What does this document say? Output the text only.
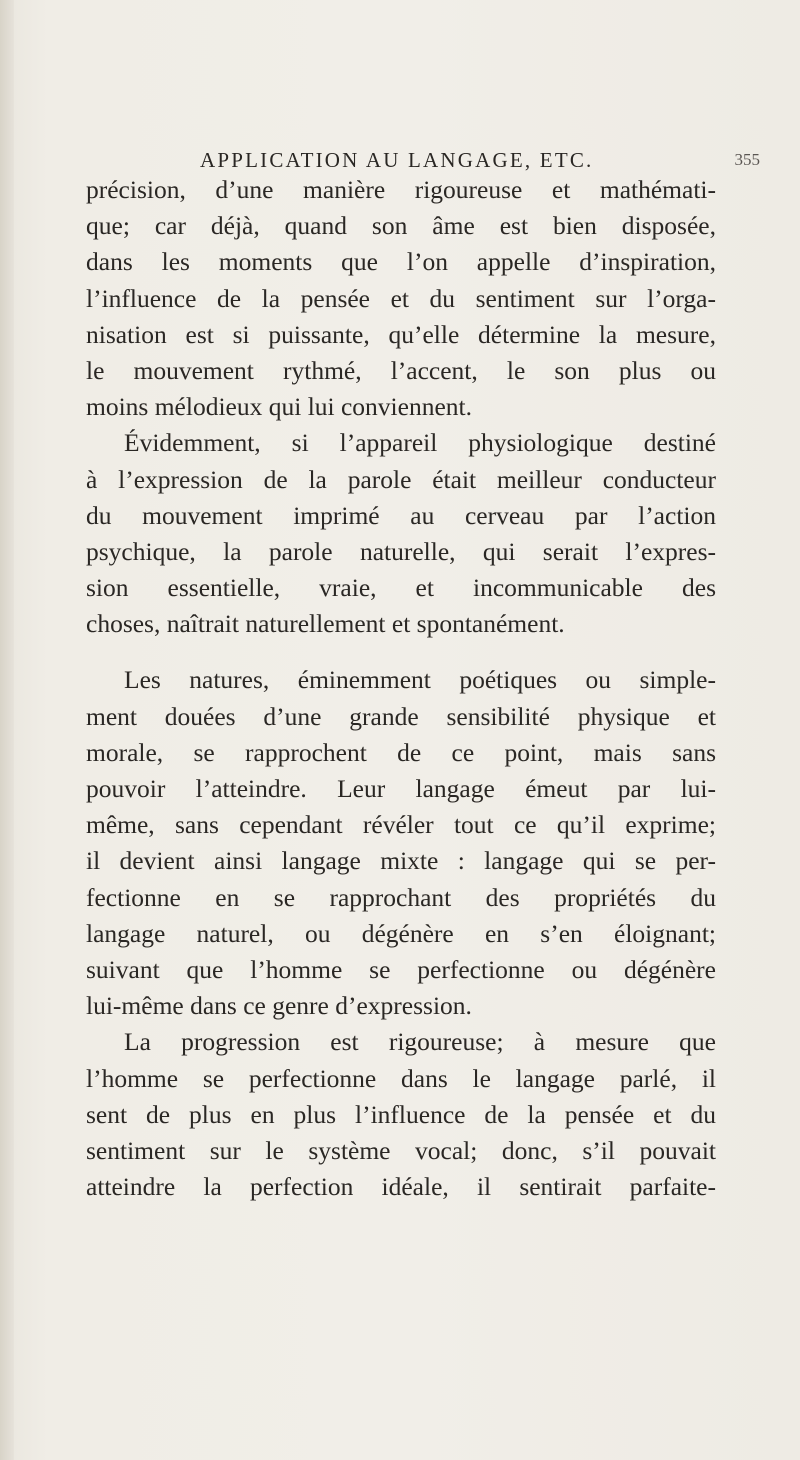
APPLICATION AU LANGAGE, ETC.	355
précision, d’une manière rigoureuse et mathémati-
que; car déjà, quand son âme est bien disposée,
dans les moments que l’on appelle d’inspiration,
l’influence de la pensée et du sentiment sur l’orga-
nisation est si puissante, qu’elle détermine la mesure,
le mouvement rythmé, l’accent, le son plus ou
moins mélodieux qui lui conviennent.
Évidemment, si l’appareil physiologique destiné
à l’expression de la parole était meilleur conducteur
du mouvement imprimé au cerveau par l’action
psychique, la parole naturelle, qui serait l’expres-
sion essentielle, vraie, et incommunicable des
choses, naîtrait naturellement et spontanément.
Les natures, éminemment poétiques ou simple-
ment douées d’une grande sensibilité physique et
morale, se rapprochent de ce point, mais sans
pouvoir l’atteindre. Leur langage émeut par lui-
même, sans cependant révéler tout ce qu’il exprime;
il devient ainsi langage mixte : langage qui se per-
fectionne en se rapprochant des propriétés du
langage naturel, ou dégénère en s’en éloignant;
suivant que l’homme se perfectionne ou dégénère
lui-même dans ce genre d’expression.
La progression est rigoureuse; à mesure que
l’homme se perfectionne dans le langage parlé, il
sent de plus en plus l’influence de la pensée et du
sentiment sur le système vocal; donc, s’il pouvait
atteindre la perfection idéale, il sentirait parfaite-
